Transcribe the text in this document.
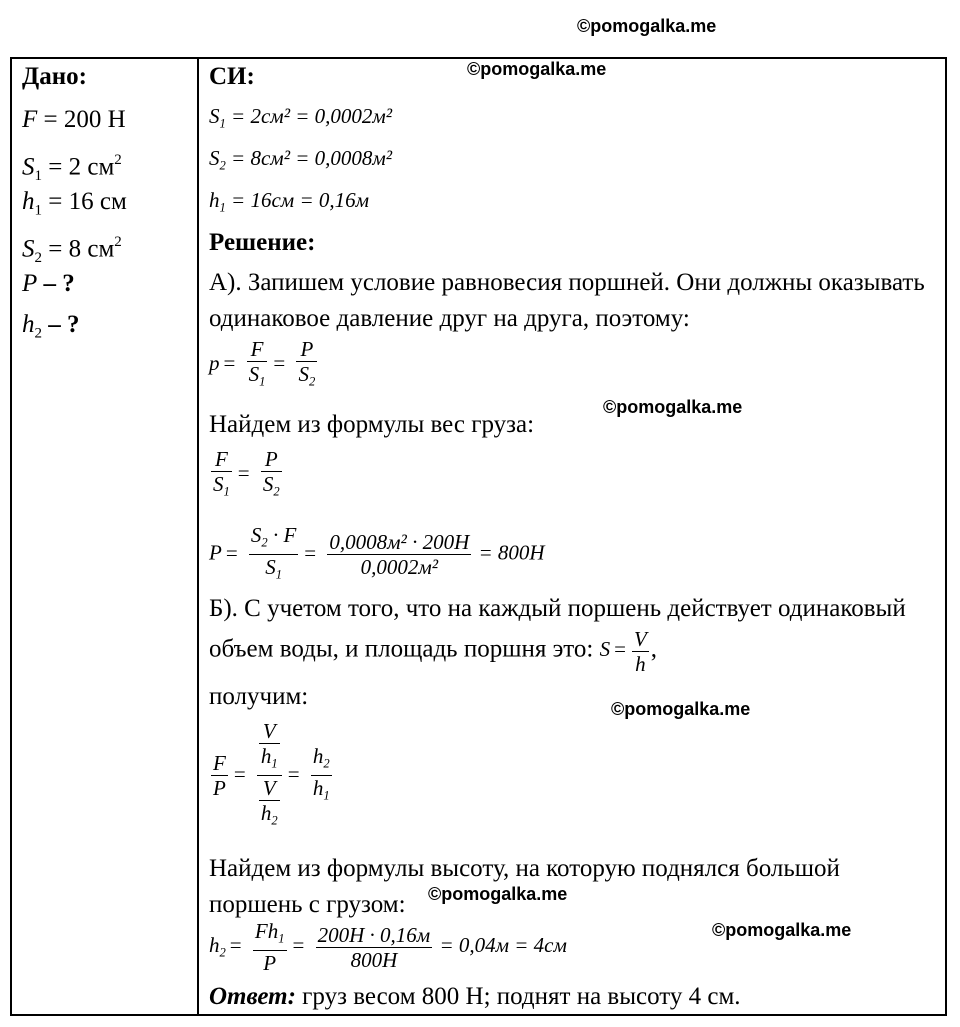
©pomogalka.me
©pomogalka.me
©pomogalka.me
©pomogalka.me
©pomogalka.me
©pomogalka.me
Дано:
F = 200 Н
$S_1 = 2$ $см^2$
$h_1 = 16$ см
$S_2 = 8$ $см^2$
P – ?
$h_2$ – ?
СИ:
$S_1 = 2см^2 = 0,0002м^2$
$S_2 = 8см^2 = 0,0008м^2$
$h_1 = 16см = 0,16м$
Решение:
А). Запишем условие равновесия поршней. Они должны оказывать одинаковое давление друг на друга, поэтому:
$p = \frac{F}{S_1} = \frac{P}{S_2}$
Найдем из формулы вес груза:
$\frac{F}{S_1} = \frac{P}{S_2}$
$P = \frac{S_2 \cdot F}{S_1} = \frac{\text{0,0008м² · 200Н}}{\text{0,0002м²}} = 800Н$
Б). С учетом того, что на каждый поршень действует одинаковый объем воды, и площадь поршня это: $S = \frac{V}{h}$ ,
получим:
$\frac{F}{P} = \frac{\frac{V}{h_1}}{\frac{V}{h_2}} = \frac{h_2}{h_1}$
Найдем из формулы высоту, на которую поднялся большой поршень с грузом:
$h_2 = \frac{Fh_1}{P} = \frac{200Н \cdot 0,16м}{800Н} = 0,04м = 4см$
Ответ: груз весом 800 Н; поднят на высоту 4 см.
